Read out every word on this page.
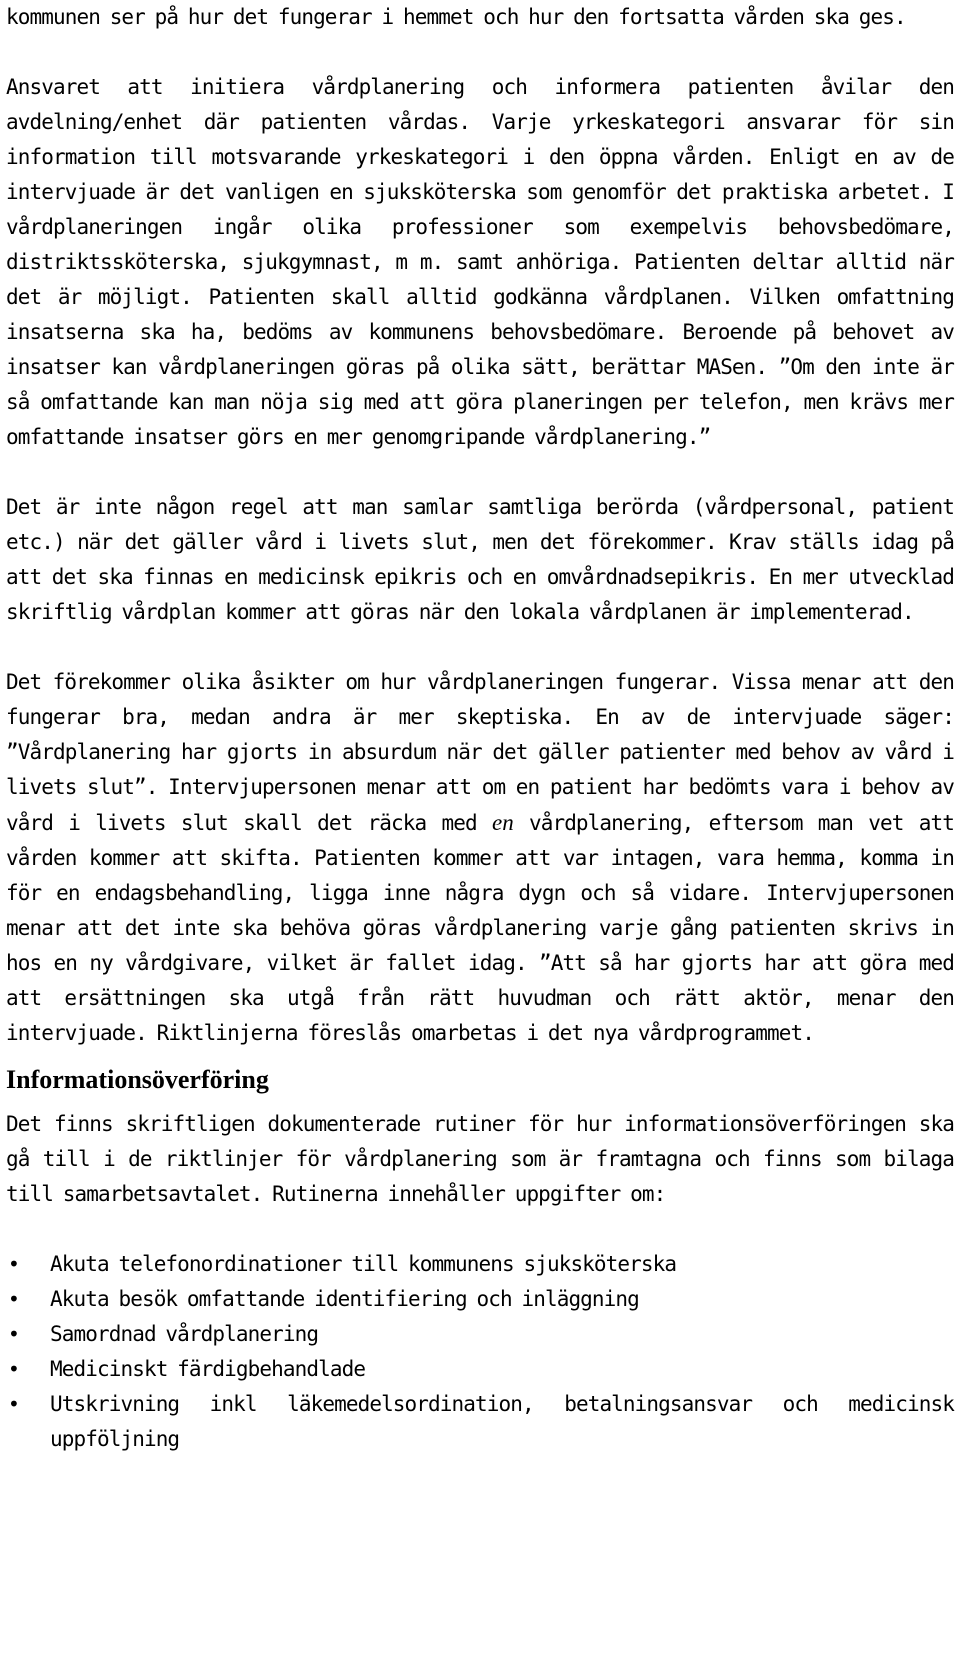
kommunen ser på hur det fungerar i hemmet och hur den fortsatta vården ska ges.

Ansvaret att initiera vårdplanering och informera patienten åvilar den avdelning/enhet där patienten vårdas. Varje yrkeskategori ansvarar för sin information till motsvarande yrkeskategori i den öppna vården. Enligt en av de intervjuade är det vanligen en sjuksköterska som genomför det praktiska arbetet. I vårdplaneringen ingår olika professioner som exempelvis behovsbedömare, distriktssköterska, sjukgymnast, m m. samt anhöriga. Patienten deltar alltid när det är möjligt. Patienten skall alltid godkänna vårdplanen. Vilken omfattning insatserna ska ha, bedöms av kommunens behovsbedömare. Beroende på behovet av insatser kan vårdplaneringen göras på olika sätt, berättar MASen. ”Om den inte är så omfattande kan man nöja sig med att göra planeringen per telefon, men krävs mer omfattande insatser görs en mer genomgripande vårdplanering.”

Det är inte någon regel att man samlar samtliga berörda (vårdpersonal, patient etc.) när det gäller vård i livets slut, men det förekommer. Krav ställs idag på att det ska finnas en medicinsk epikris och en omvårdnadsepikris. En mer utvecklad skriftlig vårdplan kommer att göras när den lokala vårdplanen är implementerad.

Det förekommer olika åsikter om hur vårdplaneringen fungerar. Vissa menar att den fungerar bra, medan andra är mer skeptiska. En av de intervjuade säger: ”Vårdplanering har gjorts in absurdum när det gäller patienter med behov av vård i livets slut”. Intervjupersonen menar att om en patient har bedömts vara i behov av vård i livets slut skall det räcka med en vårdplanering, eftersom man vet att vården kommer att skifta. Patienten kommer att var intagen, vara hemma, komma in för en endagsbehandling, ligga inne några dygn och så vidare. Intervjupersonen menar att det inte ska behöva göras vårdplanering varje gång patienten skrivs in hos en ny vårdgivare, vilket är fallet idag. ”Att så har gjorts har att göra med att ersättningen ska utgå från rätt huvudman och rätt aktör, menar den intervjuade. Riktlinjerna föreslås omarbetas i det nya vårdprogrammet.

Informationsöverföring

Det finns skriftligen dokumenterade rutiner för hur informationsöverföringen ska gå till i de riktlinjer för vårdplanering som är framtagna och finns som bilaga till samarbetsavtalet. Rutinerna innehåller uppgifter om:

• Akuta telefonordinationer till kommunens sjuksköterska
• Akuta besök omfattande identifiering och inläggning
• Samordnad vårdplanering
• Medicinskt färdigbehandlade
• Utskrivning inkl läkemedelsordination, betalningsansvar och medicinsk uppföljning
